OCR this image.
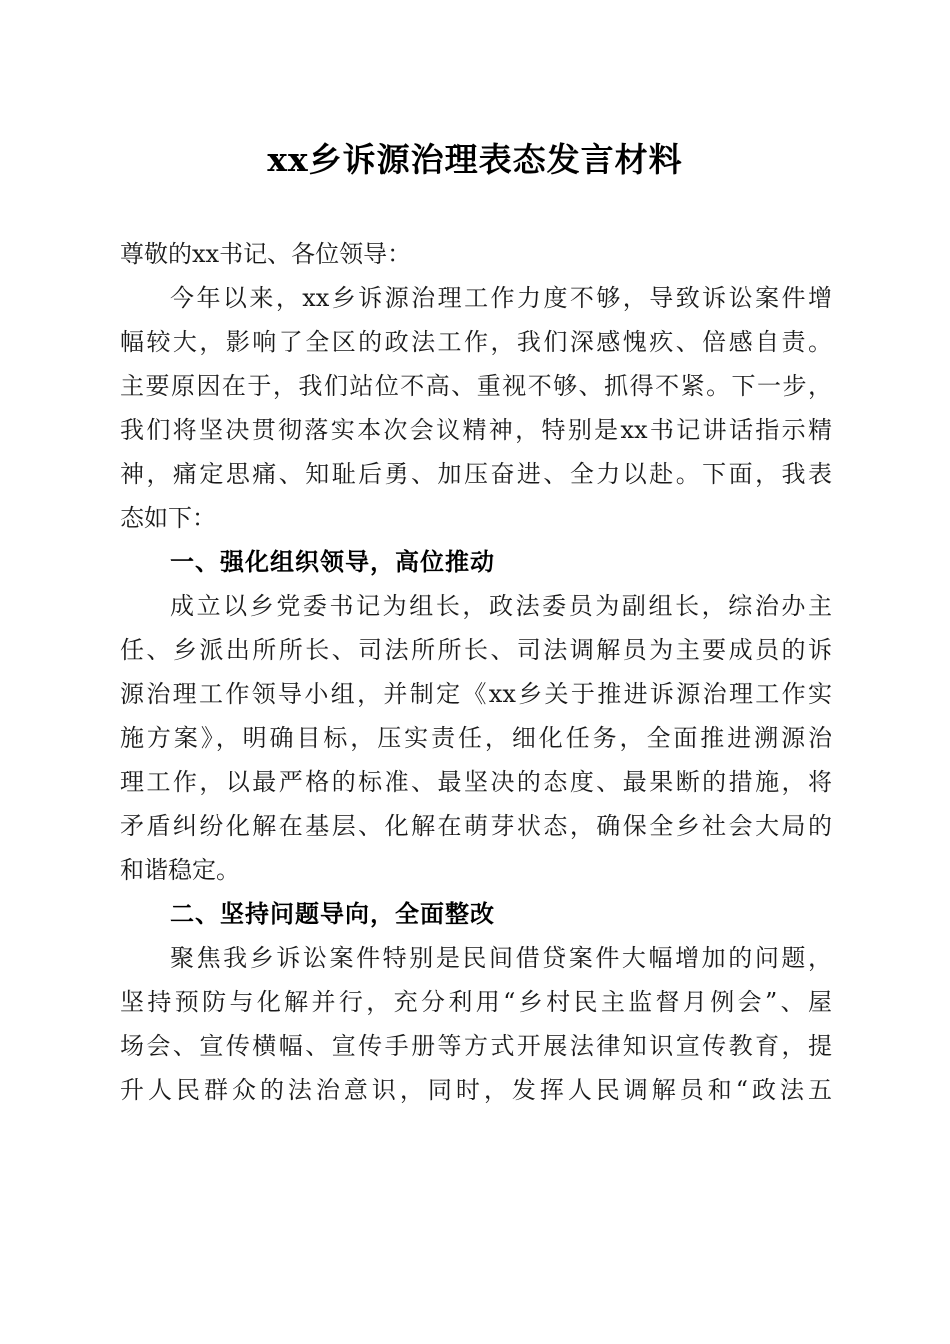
xx乡诉源治理表态发言材料
尊敬的xx书记、各位领导：
今年以来，xx乡诉源治理工作力度不够，导致诉讼案件增
幅较大，影响了全区的政法工作，我们深感愧疚、倍感自责。
主要原因在于，我们站位不高、重视不够、抓得不紧。下一步，
我们将坚决贯彻落实本次会议精神，特别是xx书记讲话指示精
神，痛定思痛、知耻后勇、加压奋进、全力以赴。下面，我表
态如下：
一、强化组织领导，高位推动
成立以乡党委书记为组长，政法委员为副组长，综治办主
任、乡派出所所长、司法所所长、司法调解员为主要成员的诉
源治理工作领导小组，并制定《xx乡关于推进诉源治理工作实
施方案》，明确目标，压实责任，细化任务，全面推进溯源治
理工作，以最严格的标准、最坚决的态度、最果断的措施，将
矛盾纠纷化解在基层、化解在萌芽状态，确保全乡社会大局的
和谐稳定。
二、坚持问题导向，全面整改
聚焦我乡诉讼案件特别是民间借贷案件大幅增加的问题，
坚持预防与化解并行，充分利用“乡村民主监督月例会”、屋
场会、宣传横幅、宣传手册等方式开展法律知识宣传教育，提
升人民群众的法治意识，同时，发挥人民调解员和“政法五
